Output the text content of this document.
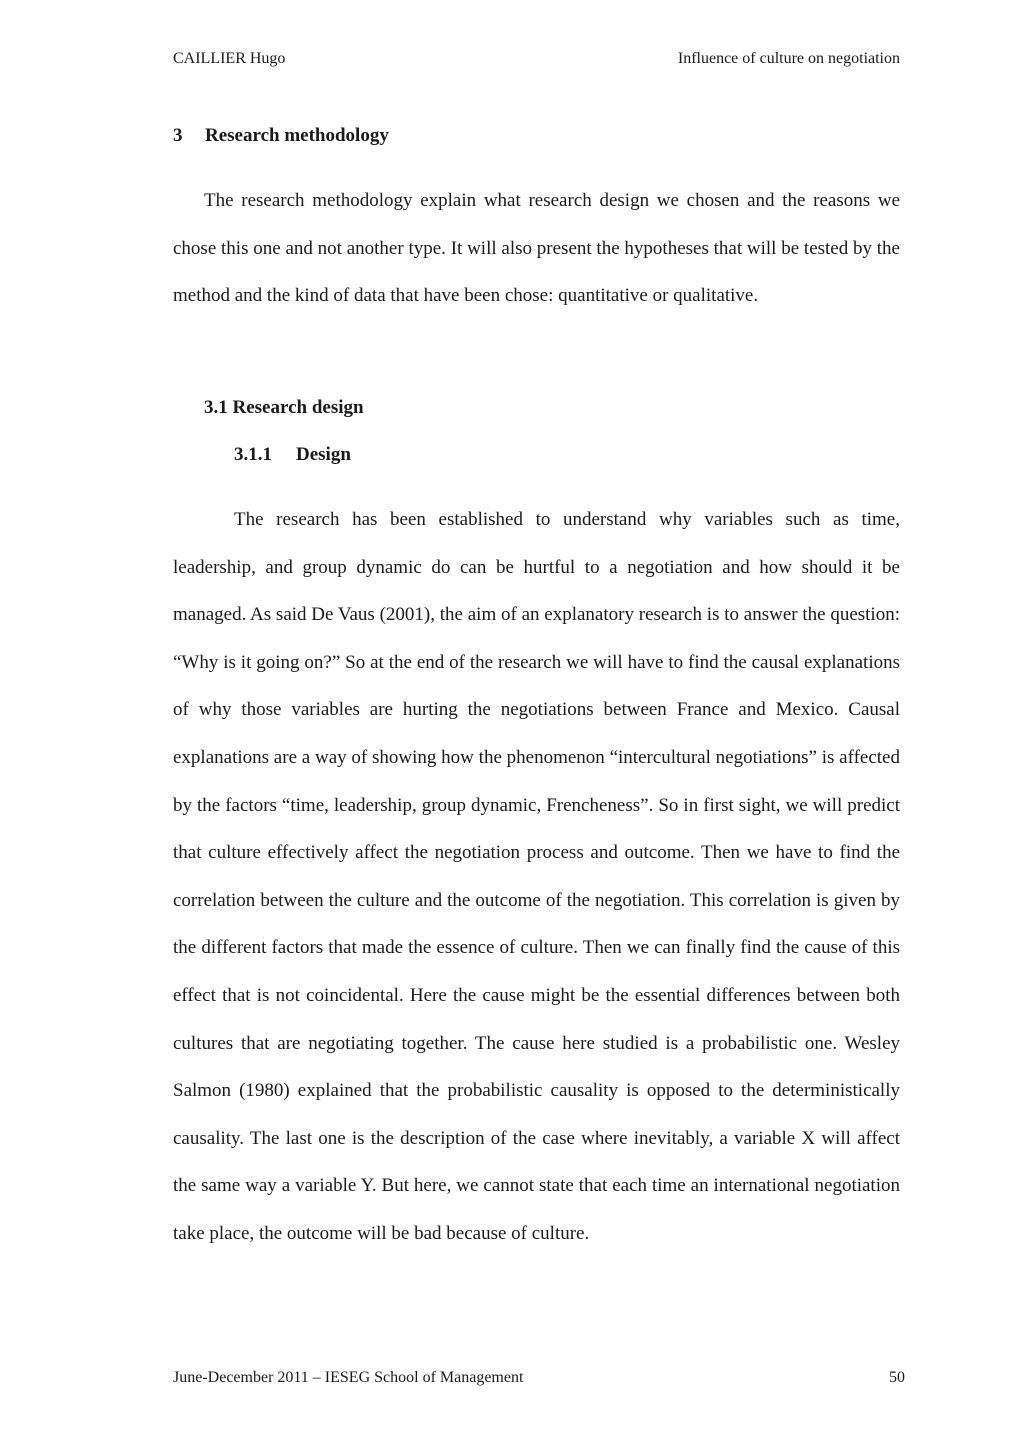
CAILLIER Hugo	Influence of culture on negotiation
3 Research methodology

The research methodology explain what research design we chosen and the reasons we chose this one and not another type. It will also present the hypotheses that will be tested by the method and the kind of data that have been chose: quantitative or qualitative.

3.1 Research design
3.1.1 Design

The research has been established to understand why variables such as time, leadership, and group dynamic do can be hurtful to a negotiation and how should it be managed. As said De Vaus (2001), the aim of an explanatory research is to answer the question: “Why is it going on?” So at the end of the research we will have to find the causal explanations of why those variables are hurting the negotiations between France and Mexico. Causal explanations are a way of showing how the phenomenon “intercultural negotiations” is affected by the factors “time, leadership, group dynamic, Frencheness”. So in first sight, we will predict that culture effectively affect the negotiation process and outcome. Then we have to find the correlation between the culture and the outcome of the negotiation. This correlation is given by the different factors that made the essence of culture. Then we can finally find the cause of this effect that is not coincidental. Here the cause might be the essential differences between both cultures that are negotiating together. The cause here studied is a probabilistic one. Wesley Salmon (1980) explained that the probabilistic causality is opposed to the deterministically causality. The last one is the description of the case where inevitably, a variable X will affect the same way a variable Y. But here, we cannot state that each time an international negotiation take place, the outcome will be bad because of culture.

June-December 2011 – IESEG School of Management	50
